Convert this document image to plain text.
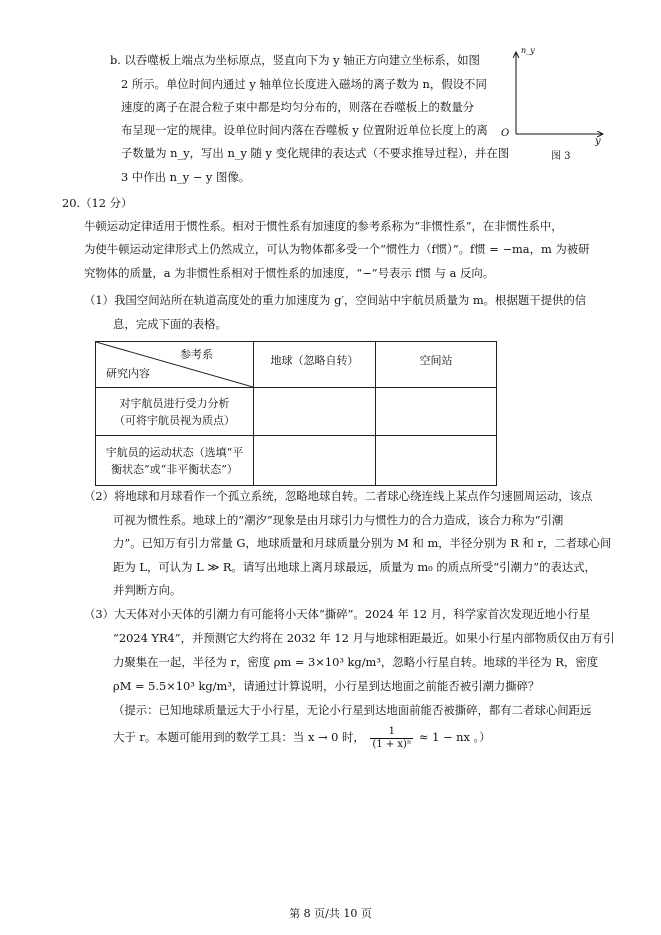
b. 以吞噬板上端点为坐标原点，竖直向下为 y 轴正方向建立坐标系，如图
2 所示。单位时间内通过 y 轴单位长度进入磁场的离子数为 n，假设不同
速度的离子在混合粒子束中都是均匀分布的，则落在吞噬板上的数量分
布呈现一定的规律。设单位时间内落在吞噬板 y 位置附近单位长度上的离
子数量为 n_y，写出 n_y 随 y 变化规律的表达式（不要求推导过程），并在图
3 中作出 n_y − y 图像。
n_y
O
y
图 3
20.（12 分）
牛顿运动定律适用于惯性系。相对于惯性系有加速度的参考系称为“非惯性系”，在非惯性系中，
为使牛顿运动定律形式上仍然成立，可认为物体都多受一个“惯性力（f惯）”。f惯 = −ma，m 为被研
究物体的质量，a 为非惯性系相对于惯性系的加速度，“−”号表示 f惯 与 a 反向。
（1）我国空间站所在轨道高度处的重力加速度为 g′，空间站中宇航员质量为 m。根据题干提供的信
息，完成下面的表格。
参考系
研究内容	地球（忽略自转）	空间站

对宇航员进行受力分析
（可将宇航员视为质点）		

宇航员的运动状态（选填“平
衡状态”或“非平衡状态”）		

（2）将地球和月球看作一个孤立系统，忽略地球自转。二者球心绕连线上某点作匀速圆周运动，该点
可视为惯性系。地球上的“潮汐”现象是由月球引力与惯性力的合力造成，该合力称为“引潮
力”。已知万有引力常量 G，地球质量和月球质量分别为 M 和 m，半径分别为 R 和 r，二者球心间
距为 L，可认为 L ≫ R。请写出地球上离月球最远，质量为 m₀ 的质点所受“引潮力”的表达式，
并判断方向。
（3）大天体对小天体的引潮力有可能将小天体“撕碎”。2024 年 12 月，科学家首次发现近地小行星
“2024 YR4”，并预测它大约将在 2032 年 12 月与地球相距最近。如果小行星内部物质仅由万有引
力聚集在一起，半径为 r，密度 ρm = 3×10³ kg/m³，忽略小行星自转。地球的半径为 R，密度
ρM = 5.5×10³ kg/m³，请通过计算说明，小行星到达地面之前能否被引潮力撕碎？
（提示：已知地球质量远大于小行星，无论小行星到达地面前能否被撕碎，都有二者球心间距远
大于 r。本题可能用到的数学工具：当 x → 0 时， $\frac{1}{\text{(1 + x)ⁿ}} \approx 1$ − nx 。）
第 8 页/共 10 页
